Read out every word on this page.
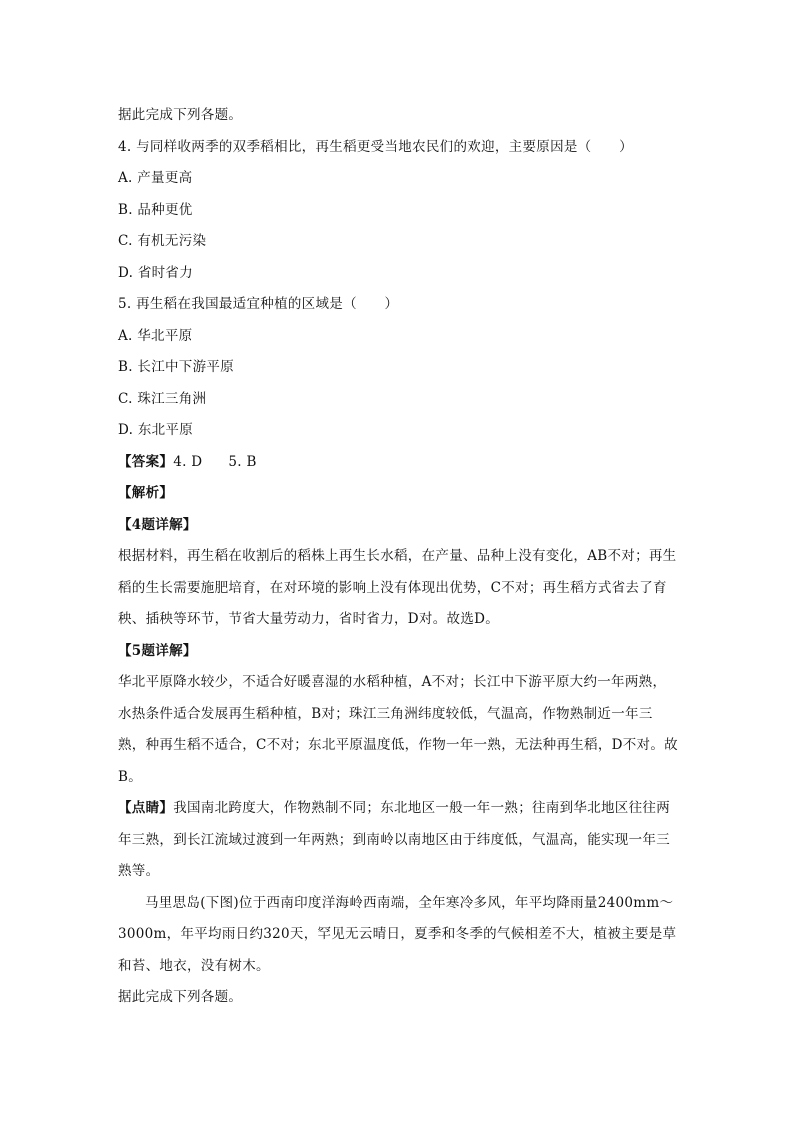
据此完成下列各题。
4. 与同样收两季的双季稻相比，再生稻更受当地农民们的欢迎，主要原因是（　　）
A. 产量更高
B. 品种更优
C. 有机无污染
D. 省时省力
5. 再生稻在我国最适宜种植的区域是（　　）
A. 华北平原
B. 长江中下游平原
C. 珠江三角洲
D. 东北平原
【答案】4. D 5. B
【解析】
【4题详解】
根据材料，再生稻在收割后的稻株上再生长水稻，在产量、品种上没有变化，AB不对；再生稻的生长需要施肥培育，在对环境的影响上没有体现出优势，C不对；再生稻方式省去了育秧、插秧等环节，节省大量劳动力，省时省力，D对。故选D。
【5题详解】
华北平原降水较少，不适合好暖喜湿的水稻种植，A不对；长江中下游平原大约一年两熟，水热条件适合发展再生稻种植，B对；珠江三角洲纬度较低，气温高，作物熟制近一年三熟，种再生稻不适合，C不对；东北平原温度低，作物一年一熟，无法种再生稻，D不对。故B。
【点睛】我国南北跨度大，作物熟制不同；东北地区一般一年一熟；往南到华北地区往往两年三熟，到长江流域过渡到一年两熟；到南岭以南地区由于纬度低，气温高，能实现一年三熟等。
马里思岛(下图)位于西南印度洋海岭西南端，全年寒冷多风，年平均降雨量2400mm～3000m，年平均雨日约320天，罕见无云晴日，夏季和冬季的气候相差不大，植被主要是草和苔、地衣，没有树木。
据此完成下列各题。
